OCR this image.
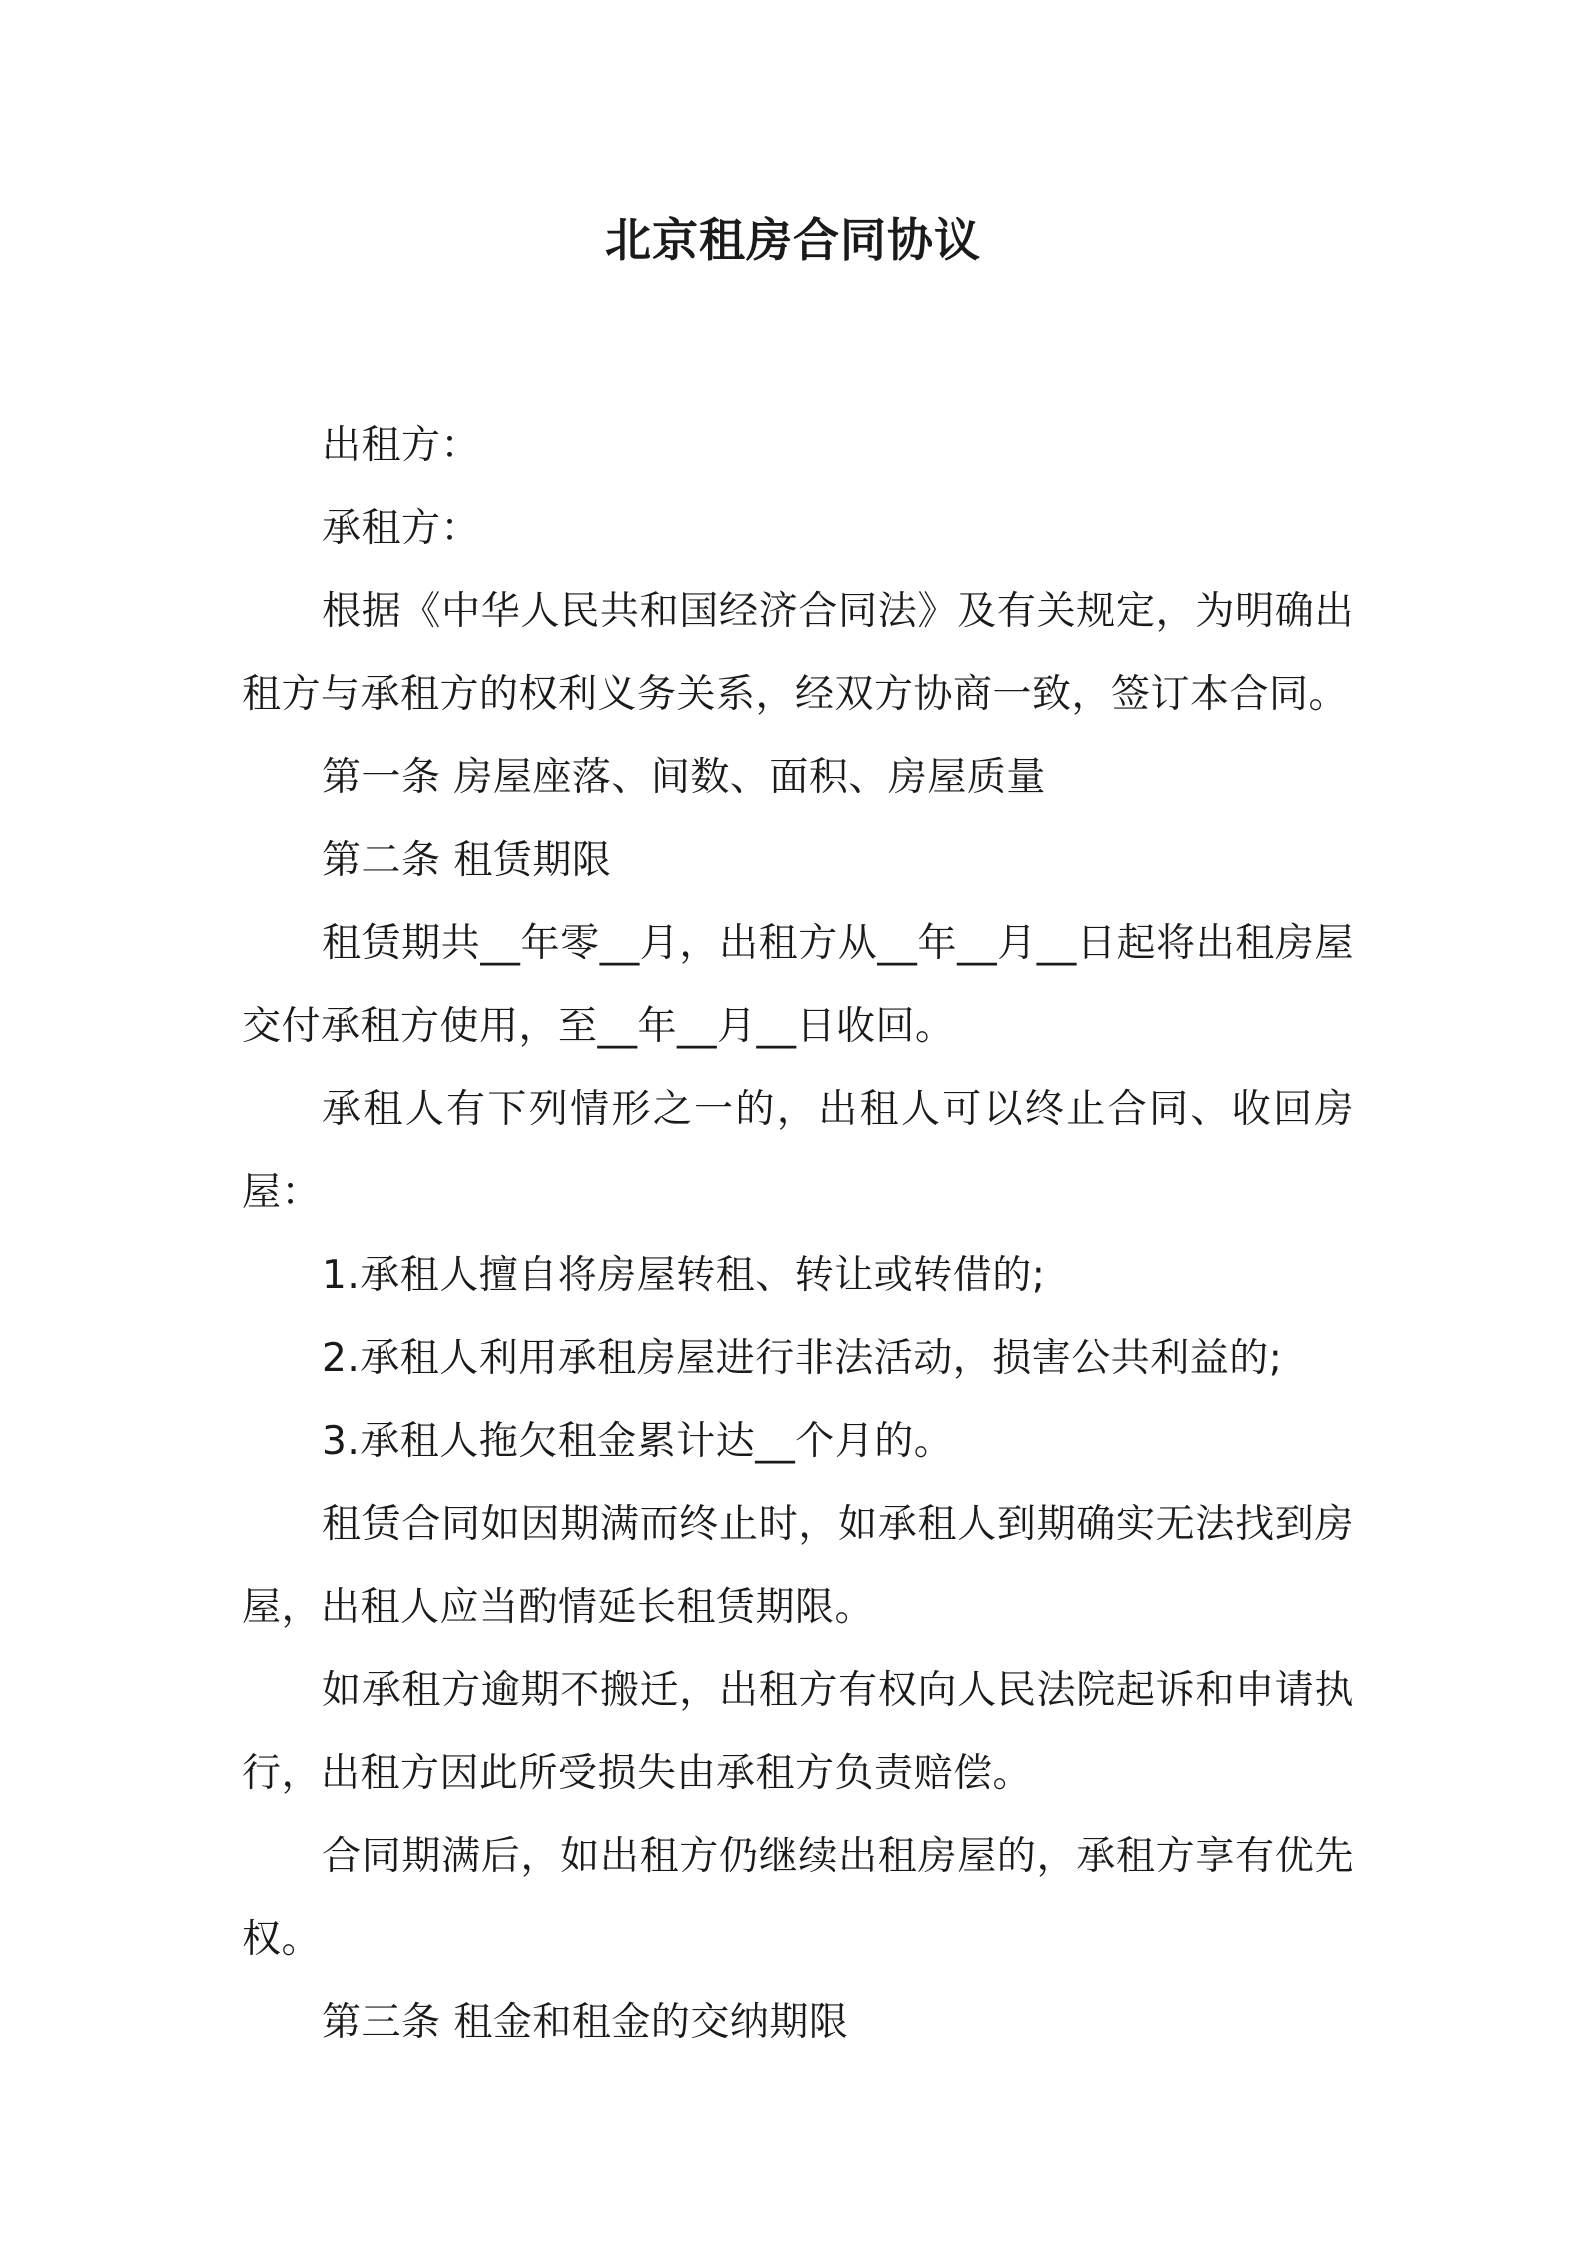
北京租房合同协议

出租方：

承租方：

根据《中华人民共和国经济合同法》及有关规定，为明确出租方与承租方的权利义务关系，经双方协商一致，签订本合同。

第一条 房屋座落、间数、面积、房屋质量

第二条 租赁期限

租赁期共__年零__月，出租方从__年__月__日起将出租房屋交付承租方使用，至__年__月__日收回。

承租人有下列情形之一的，出租人可以终止合同、收回房屋：

1.承租人擅自将房屋转租、转让或转借的;

2.承租人利用承租房屋进行非法活动，损害公共利益的;

3.承租人拖欠租金累计达__个月的。

租赁合同如因期满而终止时，如承租人到期确实无法找到房屋，出租人应当酌情延长租赁期限。

如承租方逾期不搬迁，出租方有权向人民法院起诉和申请执行，出租方因此所受损失由承租方负责赔偿。

合同期满后，如出租方仍继续出租房屋的，承租方享有优先权。

第三条 租金和租金的交纳期限
